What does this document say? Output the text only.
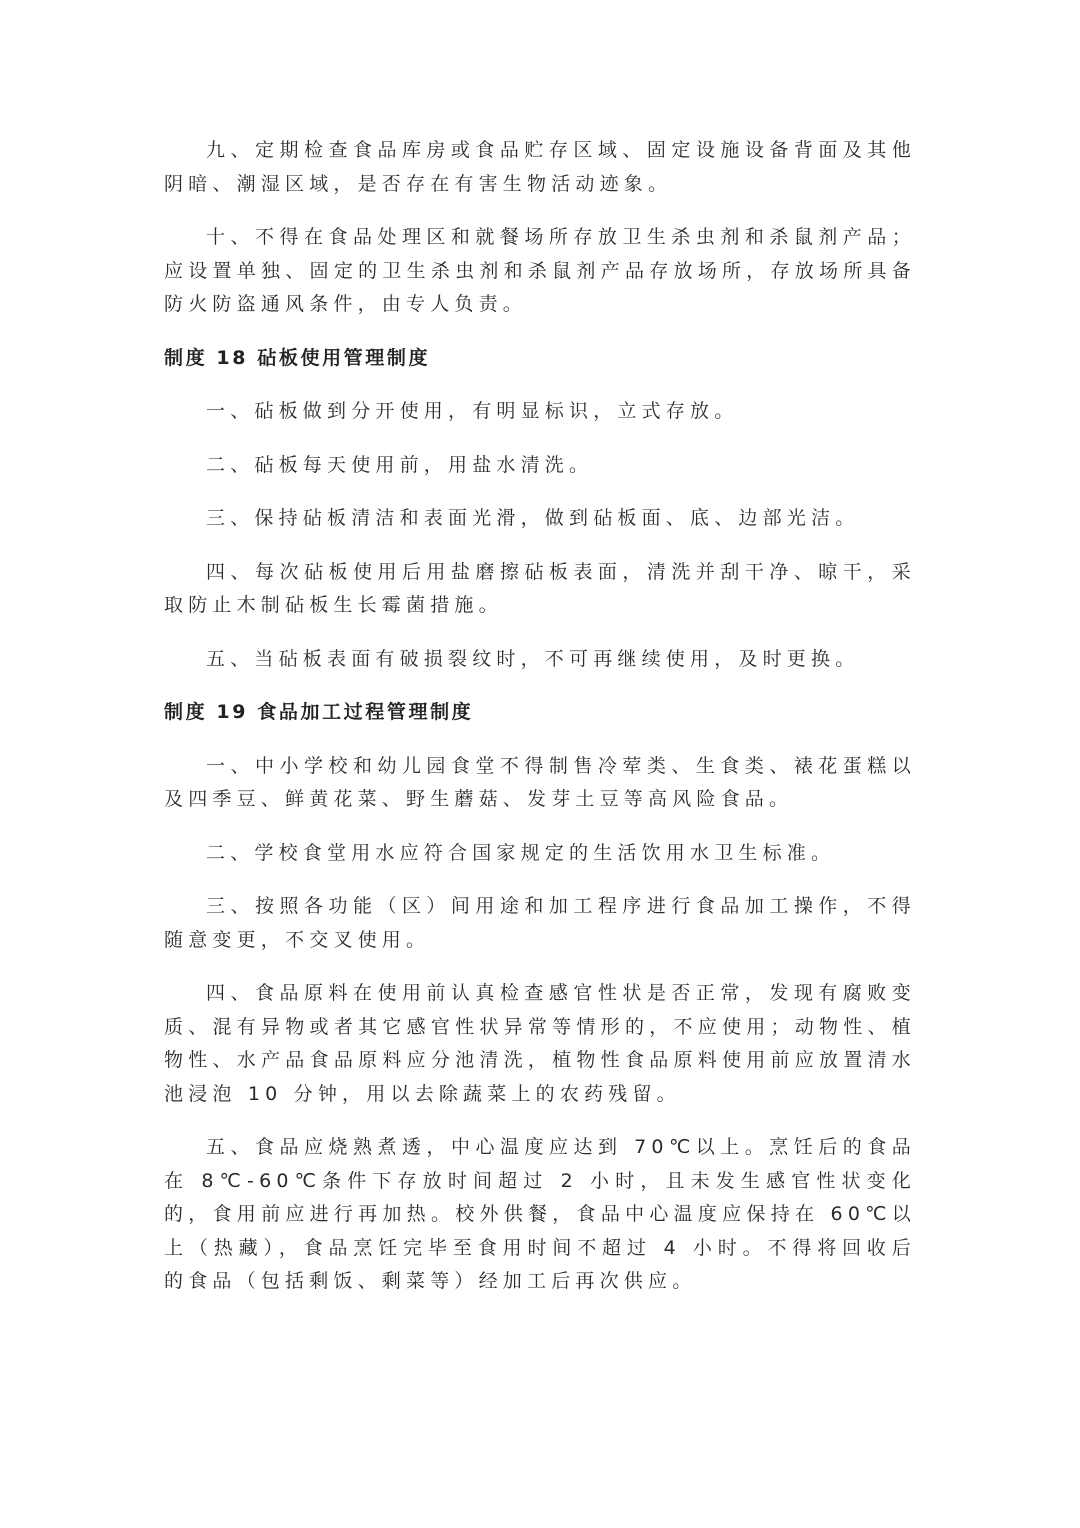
九、定期检查食品库房或食品贮存区域、固定设施设备背面及其他阴暗、潮湿区域，是否存在有害生物活动迹象。

十、不得在食品处理区和就餐场所存放卫生杀虫剂和杀鼠剂产品；应设置单独、固定的卫生杀虫剂和杀鼠剂产品存放场所，存放场所具备防火防盗通风条件，由专人负责。

制度 18 砧板使用管理制度

一、砧板做到分开使用，有明显标识，立式存放。

二、砧板每天使用前，用盐水清洗。

三、保持砧板清洁和表面光滑，做到砧板面、底、边部光洁。

四、每次砧板使用后用盐磨擦砧板表面，清洗并刮干净、晾干，采取防止木制砧板生长霉菌措施。

五、当砧板表面有破损裂纹时，不可再继续使用，及时更换。

制度 19 食品加工过程管理制度

一、中小学校和幼儿园食堂不得制售冷荤类、生食类、裱花蛋糕以及四季豆、鲜黄花菜、野生蘑菇、发芽土豆等高风险食品。

二、学校食堂用水应符合国家规定的生活饮用水卫生标准。

三、按照各功能（区）间用途和加工程序进行食品加工操作，不得随意变更，不交叉使用。

四、食品原料在使用前认真检查感官性状是否正常，发现有腐败变质、混有异物或者其它感官性状异常等情形的，不应使用；动物性、植物性、水产品食品原料应分池清洗，植物性食品原料使用前应放置清水池浸泡 10 分钟，用以去除蔬菜上的农药残留。

五、食品应烧熟煮透，中心温度应达到 70℃以上。烹饪后的食品在 8℃-60℃条件下存放时间超过 2 小时，且未发生感官性状变化的，食用前应进行再加热。校外供餐，食品中心温度应保持在 60℃以上（热藏），食品烹饪完毕至食用时间不超过 4 小时。不得将回收后的食品（包括剩饭、剩菜等）经加工后再次供应。
